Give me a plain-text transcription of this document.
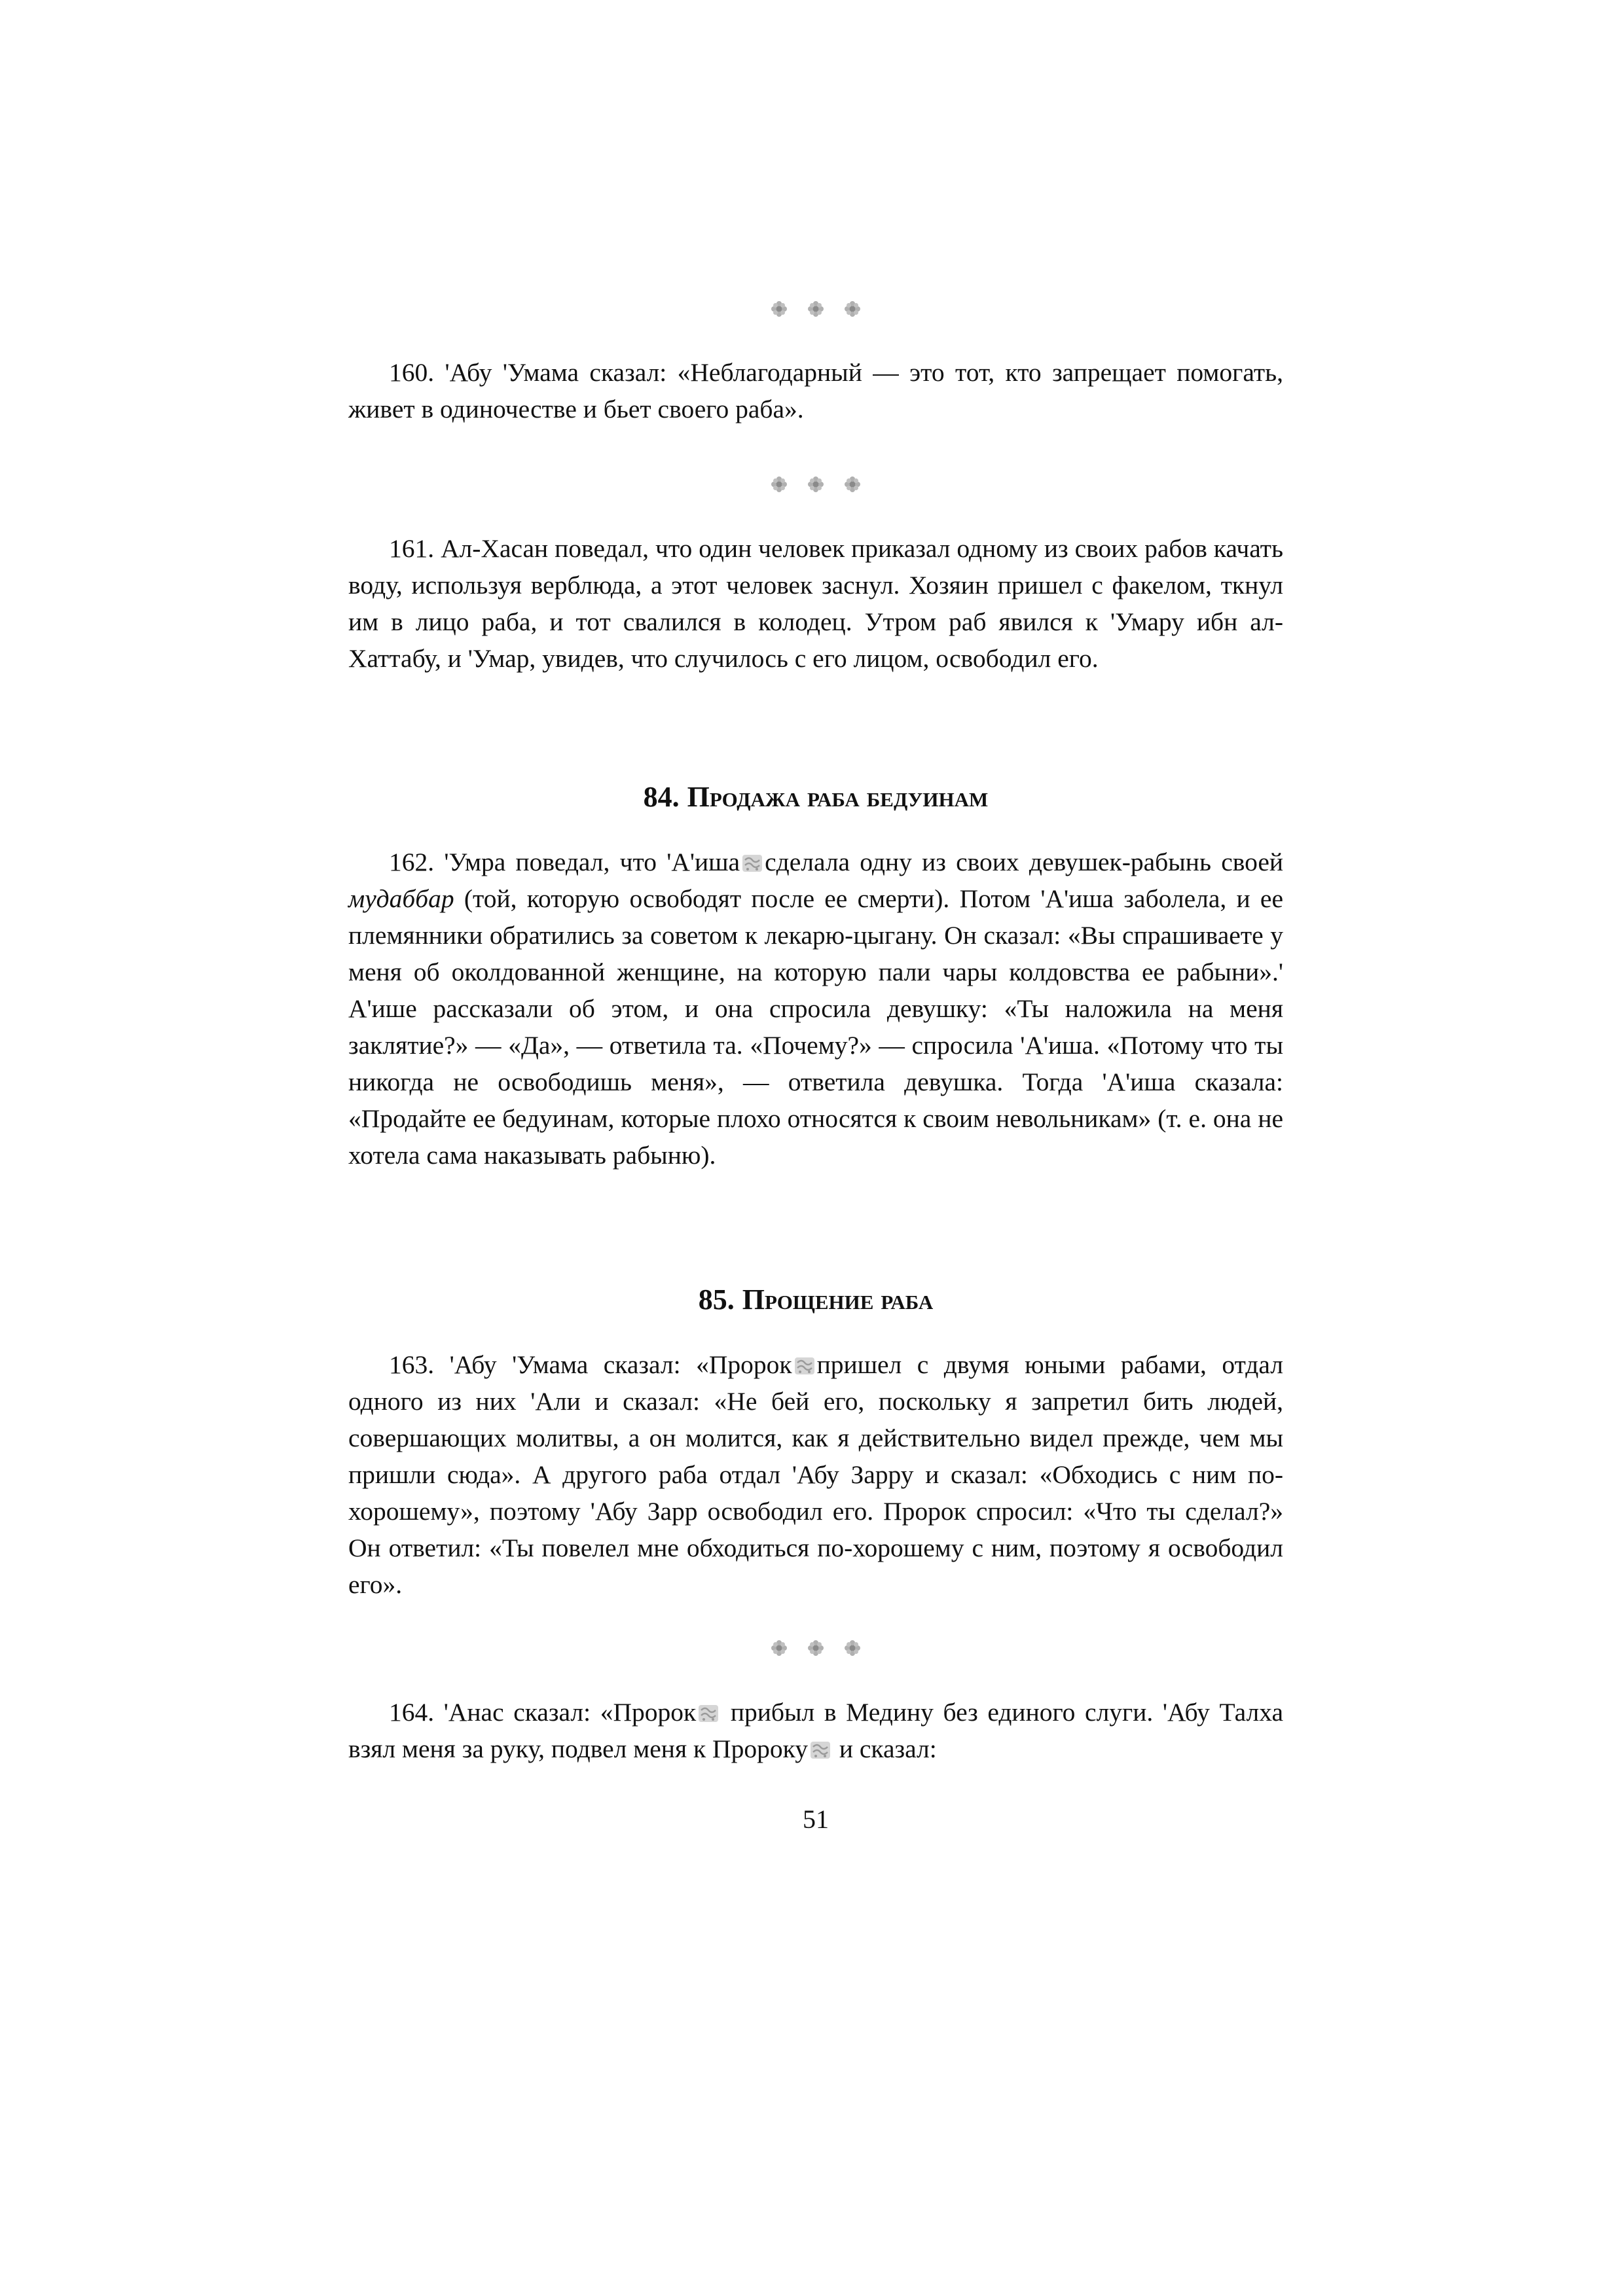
160. 'Абу 'Умама сказал: «Неблагодарный — это тот, кто запрещает помогать, живет в одиночестве и бьет своего раба».

161. Ал-Хасан поведал, что один человек приказал одному из своих рабов качать воду, используя верблюда, а этот человек заснул. Хозяин пришел с факелом, ткнул им в лицо раба, и тот свалился в колодец. Утром раб явился к 'Умару ибн ал-Хаттабу, и 'Умар, увидев, что случилось с его лицом, освободил его.

84. Продажа раба бедуинам

162. 'Умра поведал, что 'А'иша сделала одну из своих девушек-рабынь своей мудаббар (той, которую освободят после ее смерти). Потом 'А'иша заболела, и ее племянники обратились за советом к лекарю-цыгану. Он сказал: «Вы спрашиваете у меня об околдованной женщине, на которую пали чары колдовства ее рабыни».' А'ише рассказали об этом, и она спросила девушку: «Ты наложила на меня заклятие?» — «Да», — ответила та. «Почему?» — спросила 'А'иша. «Потому что ты никогда не освободишь меня», — ответила девушка. Тогда 'А'иша сказала: «Продайте ее бедуинам, которые плохо относятся к своим невольникам» (т. е. она не хотела сама наказывать рабыню).

85. Прощение раба

163. 'Абу 'Умама сказал: «Пророк пришел с двумя юными рабами, отдал одного из них 'Али и сказал: «Не бей его, поскольку я запретил бить людей, совершающих молитвы, а он молится, как я действительно видел прежде, чем мы пришли сюда». А другого раба отдал 'Абу Зарру и сказал: «Обходись с ним по-хорошему», поэтому 'Абу Зарр освободил его. Пророк спросил: «Что ты сделал?» Он ответил: «Ты повелел мне обходиться по-хорошему с ним, поэтому я освободил его».

164. 'Анас сказал: «Пророк прибыл в Медину без единого слуги. 'Абу Талха взял меня за руку, подвел меня к Пророку и сказал:

51
